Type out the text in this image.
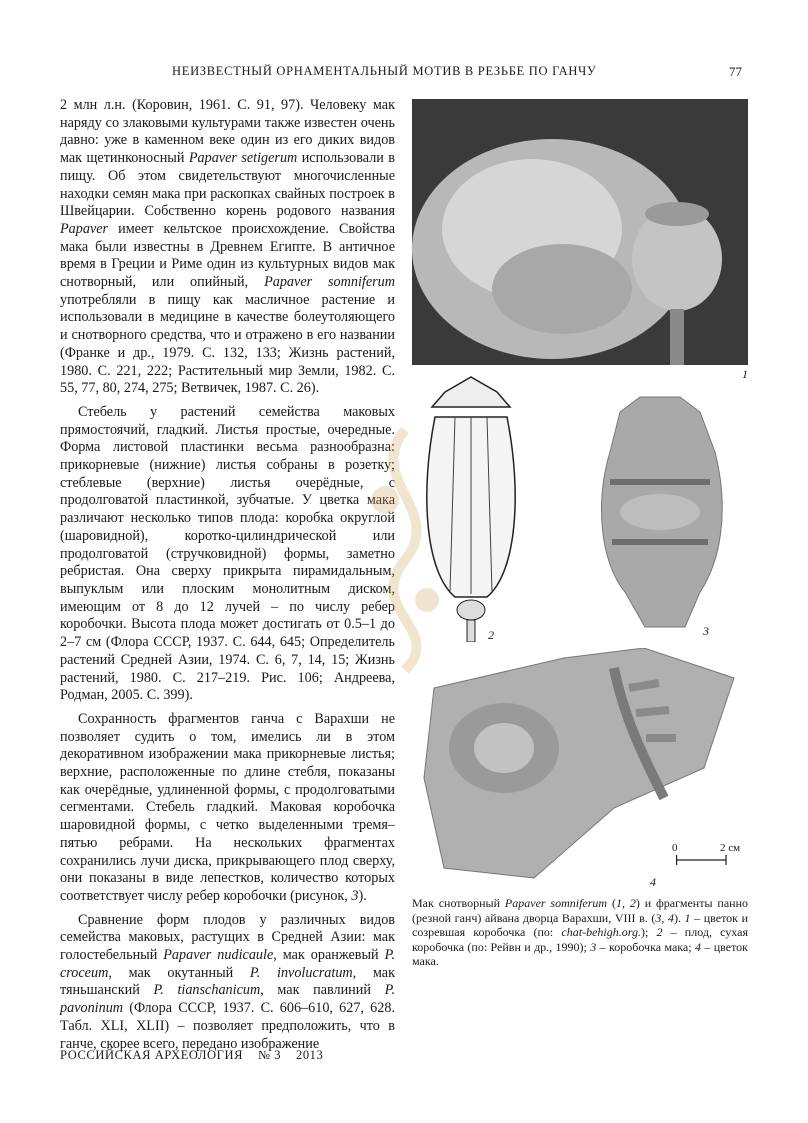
НЕИЗВЕСТНЫЙ ОРНАМЕНТАЛЬНЫЙ МОТИВ В РЕЗЬБЕ ПО ГАНЧУ	77

2 млн л.н. (Коровин, 1961. С. 91, 97). Человеку мак наряду со злаковыми культурами также известен очень давно: уже в каменном веке один из его диких видов мак щетинконосный Papaver setigerum использовали в пищу. Об этом свидетельствуют многочисленные находки семян мака при раскопках свайных построек в Швейцарии. Собственно корень родового названия Papaver имеет кельтское происхождение. Свойства мака были известны в Древнем Египте. В античное время в Греции и Риме один из культурных видов мак снотворный, или опийный, Papaver somniferum употребляли в пищу как масличное растение и использовали в медицине в качестве болеутоляющего и снотворного средства, что и отражено в его названии (Франке и др., 1979. С. 132, 133; Жизнь растений, 1980. С. 221, 222; Растительный мир Земли, 1982. С. 55, 77, 80, 274, 275; Ветвичек, 1987. С. 26).

Стебель у растений семейства маковых прямостоячий, гладкий. Листья простые, очередные. Форма листовой пластинки весьма разнообразна: прикорневые (нижние) листья собраны в розетку; стеблевые (верхние) листья очерёдные, с продолговатой пластинкой, зубчатые. У цветка мака различают несколько типов плода: коробка округлой (шаровидной), коротко-цилиндрической или продолговатой (стручковидной) формы, заметно ребристая. Она сверху прикрыта пирамидальным, выпуклым или плоским монолитным диском, имеющим от 8 до 12 лучей – по числу ребер коробочки. Высота плода может достигать от 0.5–1 до 2–7 см (Флора СССР, 1937. С. 644, 645; Определитель растений Средней Азии, 1974. С. 6, 7, 14, 15; Жизнь растений, 1980. С. 217–219. Рис. 106; Андреева, Родман, 2005. С. 399).

Сохранность фрагментов ганча с Варахши не позволяет судить о том, имелись ли в этом декоративном изображении мака прикорневые листья; верхние, расположенные по длине стебля, показаны как очерёдные, удлиненной формы, с продолговатыми сегментами. Стебель гладкий. Маковая коробочка шаровидной формы, с четко выделенными тремя–пятью ребрами. На нескольких фрагментах сохранились лучи диска, прикрывающего плод сверху, они показаны в виде лепестков, количество которых соответствует числу ребер коробочки (рисунок, 3).

Сравнение форм плодов у различных видов семейства маковых, растущих в Средней Азии: мак голостебельный Papaver nudicaule, мак оранжевый P. croceum, мак окутанный P. involucratum, мак тяньшанский P. tianschanicum, мак павлиний P. pavoninum (Флора СССР, 1937. С. 606–610, 627, 628. Табл. XLI, XLII) – позволяет предположить, что в ганче, скорее всего, передано изображение

1
2	3
4
0	2 см
Мак снотворный Papaver somniferum (1, 2) и фрагменты панно (резной ганч) айвана дворца Варахши, VIII в. (3, 4). 1 – цветок и созревшая коробочка (по: chat-behigh.org.); 2 – плод, сухая коробочка (по: Рейвн и др., 1990); 3 – коробочка мака; 4 – цветок мака.
РОССИЙСКАЯ АРХЕОЛОГИЯ № 3 2013
